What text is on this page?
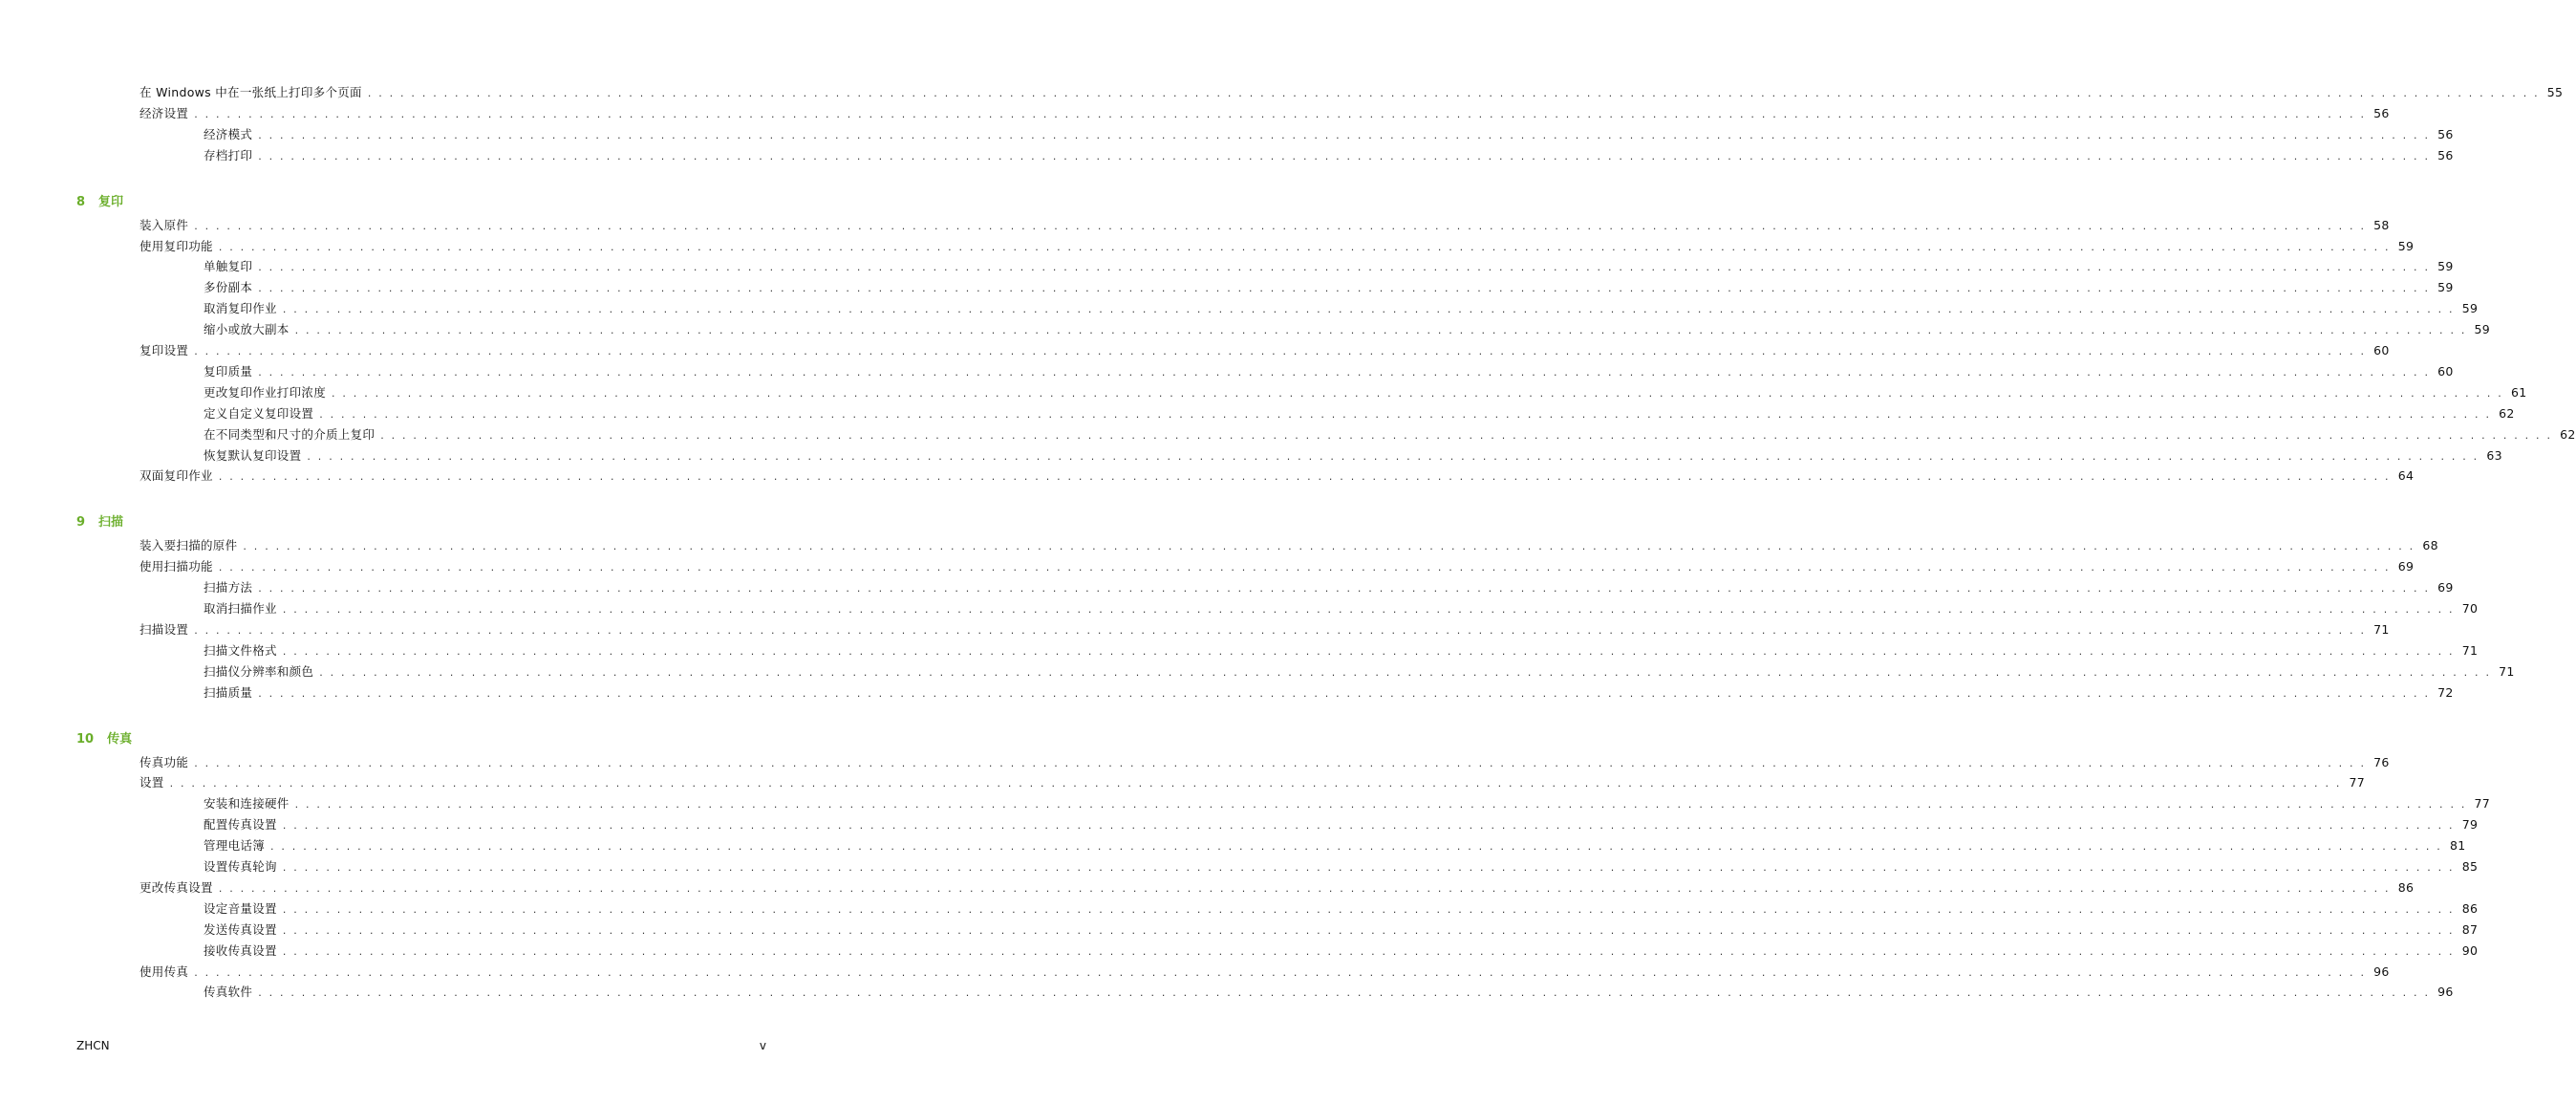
在 Windows 中在一张纸上打印多个页面 . . . . . . . . . . . . . . . . . . . . . . . . . . . . . . . . . . . . . . . . . . . . . . . . . . . . . . . . . . . . . . . . . . . . . . . . . . . . . . . . . . . . . . . . . . . . . . . . . . . . . . . . . . . . . . . . . . . . . . . . . . . . . . . . . . . . . . . . . . . . . . . . . . . . . . . . . . . . . . . . . . . . . . . . . . . . . . . . . . . . . . . . . . . . . . . . . . . . . . . . 55
经济设置 . . . . . . . . . . . . . . . . . . . . . . . . . . . . . . . . . . . . . . . . . . . . . . . . . . . . . . . . . . . . . . . . . . . . . . . . . . . . . . . . . . . . . . . . . . . . . . . . . . . . . . . . . . . . . . . . . . . . . . . . . . . . . . . . . . . . . . . . . . . . . . . . . . . . . . . . . . . . . . . . . . . . . . . . . . . . . . . . . . . . . . . . . . . . . . . . . . . . . . . . 56
经济模式 . . . . . . . . . . . . . . . . . . . . . . . . . . . . . . . . . . . . . . . . . . . . . . . . . . . . . . . . . . . . . . . . . . . . . . . . . . . . . . . . . . . . . . . . . . . . . . . . . . . . . . . . . . . . . . . . . . . . . . . . . . . . . . . . . . . . . . . . . . . . . . . . . . . . . . . . . . . . . . . . . . . . . . . . . . . . . . . . . . . . . . . . . . . . . . . . . . . . . . . . 56
存档打印 . . . . . . . . . . . . . . . . . . . . . . . . . . . . . . . . . . . . . . . . . . . . . . . . . . . . . . . . . . . . . . . . . . . . . . . . . . . . . . . . . . . . . . . . . . . . . . . . . . . . . . . . . . . . . . . . . . . . . . . . . . . . . . . . . . . . . . . . . . . . . . . . . . . . . . . . . . . . . . . . . . . . . . . . . . . . . . . . . . . . . . . . . . . . . . . . . . . . . . . . 56
8 复印
装入原件 . . . . . . . . . . . . . . . . . . . . . . . . . . . . . . . . . . . . . . . . . . . . . . . . . . . . . . . . . . . . . . . . . . . . . . . . . . . . . . . . . . . . . . . . . . . . . . . . . . . . . . . . . . . . . . . . . . . . . . . . . . . . . . . . . . . . . . . . . . . . . . . . . . . . . . . . . . . . . . . . . . . . . . . . . . . . . . . . . . . . . . . . . . . . . . . . . . . . . . . . 58
使用复印功能 . . . . . . . . . . . . . . . . . . . . . . . . . . . . . . . . . . . . . . . . . . . . . . . . . . . . . . . . . . . . . . . . . . . . . . . . . . . . . . . . . . . . . . . . . . . . . . . . . . . . . . . . . . . . . . . . . . . . . . . . . . . . . . . . . . . . . . . . . . . . . . . . . . . . . . . . . . . . . . . . . . . . . . . . . . . . . . . . . . . . . . . . . . . . . . . . . . . . . . . . 59
单触复印 . . . . . . . . . . . . . . . . . . . . . . . . . . . . . . . . . . . . . . . . . . . . . . . . . . . . . . . . . . . . . . . . . . . . . . . . . . . . . . . . . . . . . . . . . . . . . . . . . . . . . . . . . . . . . . . . . . . . . . . . . . . . . . . . . . . . . . . . . . . . . . . . . . . . . . . . . . . . . . . . . . . . . . . . . . . . . . . . . . . . . . . . . . . . . . . . . . . . . . . . 59
多份副本 . . . . . . . . . . . . . . . . . . . . . . . . . . . . . . . . . . . . . . . . . . . . . . . . . . . . . . . . . . . . . . . . . . . . . . . . . . . . . . . . . . . . . . . . . . . . . . . . . . . . . . . . . . . . . . . . . . . . . . . . . . . . . . . . . . . . . . . . . . . . . . . . . . . . . . . . . . . . . . . . . . . . . . . . . . . . . . . . . . . . . . . . . . . . . . . . . . . . . . . . 59
取消复印作业 . . . . . . . . . . . . . . . . . . . . . . . . . . . . . . . . . . . . . . . . . . . . . . . . . . . . . . . . . . . . . . . . . . . . . . . . . . . . . . . . . . . . . . . . . . . . . . . . . . . . . . . . . . . . . . . . . . . . . . . . . . . . . . . . . . . . . . . . . . . . . . . . . . . . . . . . . . . . . . . . . . . . . . . . . . . . . . . . . . . . . . . . . . . . . . . . . . . . . . . . 59
缩小或放大副本 . . . . . . . . . . . . . . . . . . . . . . . . . . . . . . . . . . . . . . . . . . . . . . . . . . . . . . . . . . . . . . . . . . . . . . . . . . . . . . . . . . . . . . . . . . . . . . . . . . . . . . . . . . . . . . . . . . . . . . . . . . . . . . . . . . . . . . . . . . . . . . . . . . . . . . . . . . . . . . . . . . . . . . . . . . . . . . . . . . . . . . . . . . . . . . . . . . . . . . . . 59
复印设置 . . . . . . . . . . . . . . . . . . . . . . . . . . . . . . . . . . . . . . . . . . . . . . . . . . . . . . . . . . . . . . . . . . . . . . . . . . . . . . . . . . . . . . . . . . . . . . . . . . . . . . . . . . . . . . . . . . . . . . . . . . . . . . . . . . . . . . . . . . . . . . . . . . . . . . . . . . . . . . . . . . . . . . . . . . . . . . . . . . . . . . . . . . . . . . . . . . . . . . . . 60
复印质量 . . . . . . . . . . . . . . . . . . . . . . . . . . . . . . . . . . . . . . . . . . . . . . . . . . . . . . . . . . . . . . . . . . . . . . . . . . . . . . . . . . . . . . . . . . . . . . . . . . . . . . . . . . . . . . . . . . . . . . . . . . . . . . . . . . . . . . . . . . . . . . . . . . . . . . . . . . . . . . . . . . . . . . . . . . . . . . . . . . . . . . . . . . . . . . . . . . . . . . . . 60
更改复印作业打印浓度 . . . . . . . . . . . . . . . . . . . . . . . . . . . . . . . . . . . . . . . . . . . . . . . . . . . . . . . . . . . . . . . . . . . . . . . . . . . . . . . . . . . . . . . . . . . . . . . . . . . . . . . . . . . . . . . . . . . . . . . . . . . . . . . . . . . . . . . . . . . . . . . . . . . . . . . . . . . . . . . . . . . . . . . . . . . . . . . . . . . . . . . . . . . . . . . . . . . . . . . . 61
定义自定义复印设置 . . . . . . . . . . . . . . . . . . . . . . . . . . . . . . . . . . . . . . . . . . . . . . . . . . . . . . . . . . . . . . . . . . . . . . . . . . . . . . . . . . . . . . . . . . . . . . . . . . . . . . . . . . . . . . . . . . . . . . . . . . . . . . . . . . . . . . . . . . . . . . . . . . . . . . . . . . . . . . . . . . . . . . . . . . . . . . . . . . . . . . . . . . . . . . . . . . . . . . . . 62
在不同类型和尺寸的介质上复印 . . . . . . . . . . . . . . . . . . . . . . . . . . . . . . . . . . . . . . . . . . . . . . . . . . . . . . . . . . . . . . . . . . . . . . . . . . . . . . . . . . . . . . . . . . . . . . . . . . . . . . . . . . . . . . . . . . . . . . . . . . . . . . . . . . . . . . . . . . . . . . . . . . . . . . . . . . . . . . . . . . . . . . . . . . . . . . . . . . . . . . . . . . . . . . . . . . . . . . . . 62
恢复默认复印设置 . . . . . . . . . . . . . . . . . . . . . . . . . . . . . . . . . . . . . . . . . . . . . . . . . . . . . . . . . . . . . . . . . . . . . . . . . . . . . . . . . . . . . . . . . . . . . . . . . . . . . . . . . . . . . . . . . . . . . . . . . . . . . . . . . . . . . . . . . . . . . . . . . . . . . . . . . . . . . . . . . . . . . . . . . . . . . . . . . . . . . . . . . . . . . . . . . . . . . . . . 63
双面复印作业 . . . . . . . . . . . . . . . . . . . . . . . . . . . . . . . . . . . . . . . . . . . . . . . . . . . . . . . . . . . . . . . . . . . . . . . . . . . . . . . . . . . . . . . . . . . . . . . . . . . . . . . . . . . . . . . . . . . . . . . . . . . . . . . . . . . . . . . . . . . . . . . . . . . . . . . . . . . . . . . . . . . . . . . . . . . . . . . . . . . . . . . . . . . . . . . . . . . . . . . . 64
9 扫描
装入要扫描的原件 . . . . . . . . . . . . . . . . . . . . . . . . . . . . . . . . . . . . . . . . . . . . . . . . . . . . . . . . . . . . . . . . . . . . . . . . . . . . . . . . . . . . . . . . . . . . . . . . . . . . . . . . . . . . . . . . . . . . . . . . . . . . . . . . . . . . . . . . . . . . . . . . . . . . . . . . . . . . . . . . . . . . . . . . . . . . . . . . . . . . . . . . . . . . . . . . . . . . . . . . 68
使用扫描功能 . . . . . . . . . . . . . . . . . . . . . . . . . . . . . . . . . . . . . . . . . . . . . . . . . . . . . . . . . . . . . . . . . . . . . . . . . . . . . . . . . . . . . . . . . . . . . . . . . . . . . . . . . . . . . . . . . . . . . . . . . . . . . . . . . . . . . . . . . . . . . . . . . . . . . . . . . . . . . . . . . . . . . . . . . . . . . . . . . . . . . . . . . . . . . . . . . . . . . . . . 69
扫描方法 . . . . . . . . . . . . . . . . . . . . . . . . . . . . . . . . . . . . . . . . . . . . . . . . . . . . . . . . . . . . . . . . . . . . . . . . . . . . . . . . . . . . . . . . . . . . . . . . . . . . . . . . . . . . . . . . . . . . . . . . . . . . . . . . . . . . . . . . . . . . . . . . . . . . . . . . . . . . . . . . . . . . . . . . . . . . . . . . . . . . . . . . . . . . . . . . . . . . . . . . 69
取消扫描作业 . . . . . . . . . . . . . . . . . . . . . . . . . . . . . . . . . . . . . . . . . . . . . . . . . . . . . . . . . . . . . . . . . . . . . . . . . . . . . . . . . . . . . . . . . . . . . . . . . . . . . . . . . . . . . . . . . . . . . . . . . . . . . . . . . . . . . . . . . . . . . . . . . . . . . . . . . . . . . . . . . . . . . . . . . . . . . . . . . . . . . . . . . . . . . . . . . . . . . . . . 70
扫描设置 . . . . . . . . . . . . . . . . . . . . . . . . . . . . . . . . . . . . . . . . . . . . . . . . . . . . . . . . . . . . . . . . . . . . . . . . . . . . . . . . . . . . . . . . . . . . . . . . . . . . . . . . . . . . . . . . . . . . . . . . . . . . . . . . . . . . . . . . . . . . . . . . . . . . . . . . . . . . . . . . . . . . . . . . . . . . . . . . . . . . . . . . . . . . . . . . . . . . . . . . 71
扫描文件格式 . . . . . . . . . . . . . . . . . . . . . . . . . . . . . . . . . . . . . . . . . . . . . . . . . . . . . . . . . . . . . . . . . . . . . . . . . . . . . . . . . . . . . . . . . . . . . . . . . . . . . . . . . . . . . . . . . . . . . . . . . . . . . . . . . . . . . . . . . . . . . . . . . . . . . . . . . . . . . . . . . . . . . . . . . . . . . . . . . . . . . . . . . . . . . . . . . . . . . . . . 71
扫描仪分辨率和颜色 . . . . . . . . . . . . . . . . . . . . . . . . . . . . . . . . . . . . . . . . . . . . . . . . . . . . . . . . . . . . . . . . . . . . . . . . . . . . . . . . . . . . . . . . . . . . . . . . . . . . . . . . . . . . . . . . . . . . . . . . . . . . . . . . . . . . . . . . . . . . . . . . . . . . . . . . . . . . . . . . . . . . . . . . . . . . . . . . . . . . . . . . . . . . . . . . . . . . . . . . 71
扫描质量 . . . . . . . . . . . . . . . . . . . . . . . . . . . . . . . . . . . . . . . . . . . . . . . . . . . . . . . . . . . . . . . . . . . . . . . . . . . . . . . . . . . . . . . . . . . . . . . . . . . . . . . . . . . . . . . . . . . . . . . . . . . . . . . . . . . . . . . . . . . . . . . . . . . . . . . . . . . . . . . . . . . . . . . . . . . . . . . . . . . . . . . . . . . . . . . . . . . . . . . . 72
10 传真
传真功能 . . . . . . . . . . . . . . . . . . . . . . . . . . . . . . . . . . . . . . . . . . . . . . . . . . . . . . . . . . . . . . . . . . . . . . . . . . . . . . . . . . . . . . . . . . . . . . . . . . . . . . . . . . . . . . . . . . . . . . . . . . . . . . . . . . . . . . . . . . . . . . . . . . . . . . . . . . . . . . . . . . . . . . . . . . . . . . . . . . . . . . . . . . . . . . . . . . . . . . . . 76
设置 . . . . . . . . . . . . . . . . . . . . . . . . . . . . . . . . . . . . . . . . . . . . . . . . . . . . . . . . . . . . . . . . . . . . . . . . . . . . . . . . . . . . . . . . . . . . . . . . . . . . . . . . . . . . . . . . . . . . . . . . . . . . . . . . . . . . . . . . . . . . . . . . . . . . . . . . . . . . . . . . . . . . . . . . . . . . . . . . . . . . . . . . . . . . . . . . . . . . . . . . 77
安装和连接硬件 . . . . . . . . . . . . . . . . . . . . . . . . . . . . . . . . . . . . . . . . . . . . . . . . . . . . . . . . . . . . . . . . . . . . . . . . . . . . . . . . . . . . . . . . . . . . . . . . . . . . . . . . . . . . . . . . . . . . . . . . . . . . . . . . . . . . . . . . . . . . . . . . . . . . . . . . . . . . . . . . . . . . . . . . . . . . . . . . . . . . . . . . . . . . . . . . . . . . . . . . 77
配置传真设置 . . . . . . . . . . . . . . . . . . . . . . . . . . . . . . . . . . . . . . . . . . . . . . . . . . . . . . . . . . . . . . . . . . . . . . . . . . . . . . . . . . . . . . . . . . . . . . . . . . . . . . . . . . . . . . . . . . . . . . . . . . . . . . . . . . . . . . . . . . . . . . . . . . . . . . . . . . . . . . . . . . . . . . . . . . . . . . . . . . . . . . . . . . . . . . . . . . . . . . . . 79
管理电话簿 . . . . . . . . . . . . . . . . . . . . . . . . . . . . . . . . . . . . . . . . . . . . . . . . . . . . . . . . . . . . . . . . . . . . . . . . . . . . . . . . . . . . . . . . . . . . . . . . . . . . . . . . . . . . . . . . . . . . . . . . . . . . . . . . . . . . . . . . . . . . . . . . . . . . . . . . . . . . . . . . . . . . . . . . . . . . . . . . . . . . . . . . . . . . . . . . . . . . . . . . 81
设置传真轮询 . . . . . . . . . . . . . . . . . . . . . . . . . . . . . . . . . . . . . . . . . . . . . . . . . . . . . . . . . . . . . . . . . . . . . . . . . . . . . . . . . . . . . . . . . . . . . . . . . . . . . . . . . . . . . . . . . . . . . . . . . . . . . . . . . . . . . . . . . . . . . . . . . . . . . . . . . . . . . . . . . . . . . . . . . . . . . . . . . . . . . . . . . . . . . . . . . . . . . . . . 85
更改传真设置 . . . . . . . . . . . . . . . . . . . . . . . . . . . . . . . . . . . . . . . . . . . . . . . . . . . . . . . . . . . . . . . . . . . . . . . . . . . . . . . . . . . . . . . . . . . . . . . . . . . . . . . . . . . . . . . . . . . . . . . . . . . . . . . . . . . . . . . . . . . . . . . . . . . . . . . . . . . . . . . . . . . . . . . . . . . . . . . . . . . . . . . . . . . . . . . . . . . . . . . . 86
设定音量设置 . . . . . . . . . . . . . . . . . . . . . . . . . . . . . . . . . . . . . . . . . . . . . . . . . . . . . . . . . . . . . . . . . . . . . . . . . . . . . . . . . . . . . . . . . . . . . . . . . . . . . . . . . . . . . . . . . . . . . . . . . . . . . . . . . . . . . . . . . . . . . . . . . . . . . . . . . . . . . . . . . . . . . . . . . . . . . . . . . . . . . . . . . . . . . . . . . . . . . . . . 86
发送传真设置 . . . . . . . . . . . . . . . . . . . . . . . . . . . . . . . . . . . . . . . . . . . . . . . . . . . . . . . . . . . . . . . . . . . . . . . . . . . . . . . . . . . . . . . . . . . . . . . . . . . . . . . . . . . . . . . . . . . . . . . . . . . . . . . . . . . . . . . . . . . . . . . . . . . . . . . . . . . . . . . . . . . . . . . . . . . . . . . . . . . . . . . . . . . . . . . . . . . . . . . . 87
接收传真设置 . . . . . . . . . . . . . . . . . . . . . . . . . . . . . . . . . . . . . . . . . . . . . . . . . . . . . . . . . . . . . . . . . . . . . . . . . . . . . . . . . . . . . . . . . . . . . . . . . . . . . . . . . . . . . . . . . . . . . . . . . . . . . . . . . . . . . . . . . . . . . . . . . . . . . . . . . . . . . . . . . . . . . . . . . . . . . . . . . . . . . . . . . . . . . . . . . . . . . . . . 90
使用传真 . . . . . . . . . . . . . . . . . . . . . . . . . . . . . . . . . . . . . . . . . . . . . . . . . . . . . . . . . . . . . . . . . . . . . . . . . . . . . . . . . . . . . . . . . . . . . . . . . . . . . . . . . . . . . . . . . . . . . . . . . . . . . . . . . . . . . . . . . . . . . . . . . . . . . . . . . . . . . . . . . . . . . . . . . . . . . . . . . . . . . . . . . . . . . . . . . . . . . . . . 96
传真软件 . . . . . . . . . . . . . . . . . . . . . . . . . . . . . . . . . . . . . . . . . . . . . . . . . . . . . . . . . . . . . . . . . . . . . . . . . . . . . . . . . . . . . . . . . . . . . . . . . . . . . . . . . . . . . . . . . . . . . . . . . . . . . . . . . . . . . . . . . . . . . . . . . . . . . . . . . . . . . . . . . . . . . . . . . . . . . . . . . . . . . . . . . . . . . . . . . . . . . . . . 96
ZHCN	v
